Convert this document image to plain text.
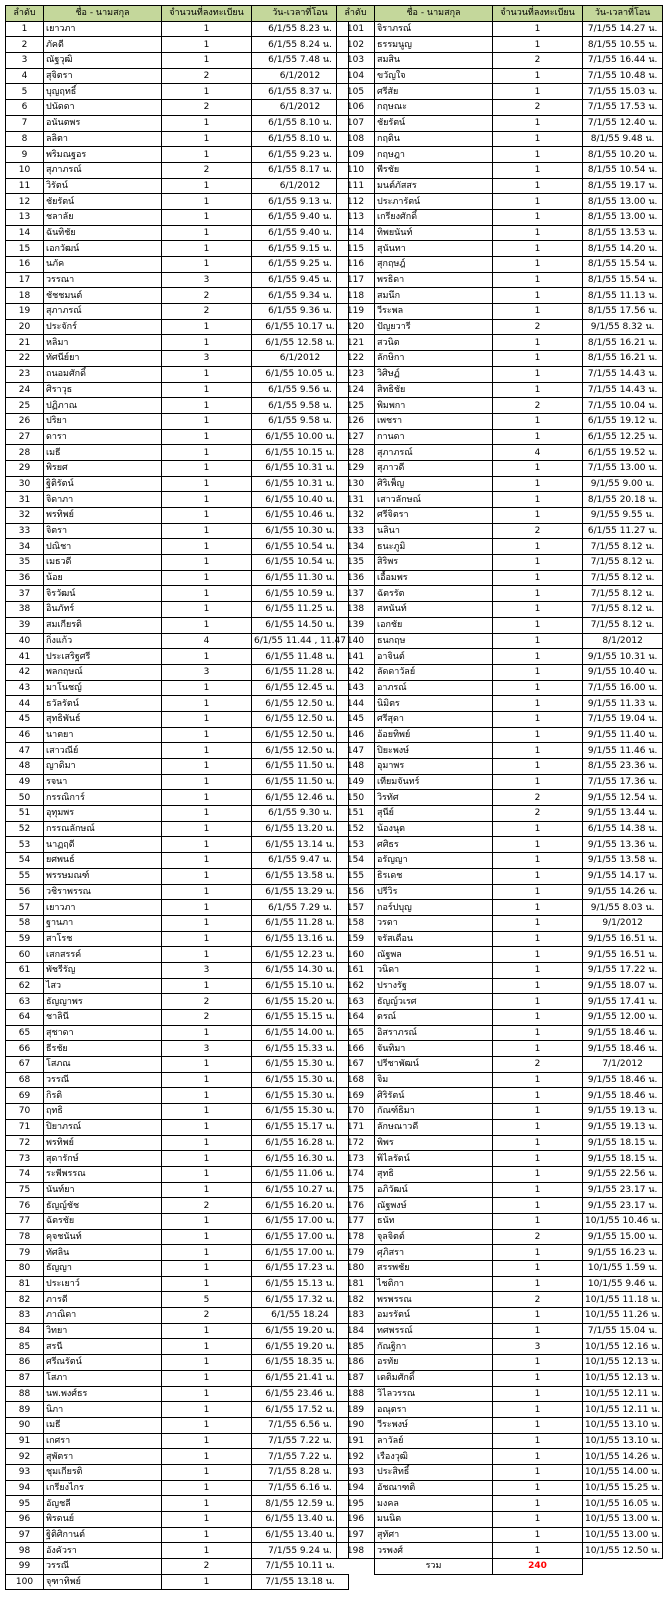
ลำดับ	ชื่อ - นามสกุล	จำนวนที่ลงทะเบียน	วัน-เวลาที่โอน
1	เยาวภา	1	6/1/55 8.23 น.
2	ภัคดี	1	6/1/55 8.24 น.
3	ณัฐวุฒิ	1	6/1/55 7.48 น.
4	สุจิตรา	2	6/1/2012
5	บุญฤทธิ์	1	6/1/55 8.37 น.
6	ปนัดดา	2	6/1/2012
7	อนันตพร	1	6/1/55 8.10 น.
8	ลลิตา	1	6/1/55 8.10 น.
9	พริมณฐอร	1	6/1/55 9.23 น.
10	สุภาภรณ์	2	6/1/55 8.17 น.
11	วิรัตน์	1	6/1/2012
12	ชัยรัตน์	1	6/1/55 9.13 น.
13	ชลาลัย	1	6/1/55 9.40 น.
14	ฉันทิชัย	1	6/1/55 9.40 น.
15	เอกวัฒน์	1	6/1/55 9.15 น.
16	นภัค	1	6/1/55 9.25 น.
17	วรรณา	3	6/1/55 9.45 น.
18	ชัชชมนต์	2	6/1/55 9.34 น.
19	สุภาภรณ์	2	6/1/55 9.36 น.
20	ประจักร์	1	6/1/55 10.17 น.
21	หลิมา	1	6/1/55 12.58 น.
22	ทัศนีย์ยา	3	6/1/2012
23	ถนอมศักดิ์	1	6/1/55 10.05 น.
24	ศิราวุธ	1	6/1/55 9.56 น.
25	ปฏิภาณ	1	6/1/55 9.58 น.
26	ปริยา	1	6/1/55 9.58 น.
27	ดารา	1	6/1/55 10.00 น.
28	เมธี	1	6/1/55 10.15 น.
29	พิรยศ	1	6/1/55 10.31 น.
30	ฐิติรัตน์	1	6/1/55 10.31 น.
31	จิดาภา	1	6/1/55 10.40 น.
32	พรทิพย์	1	6/1/55 10.46 น.
33	จิตรา	1	6/1/55 10.30 น.
34	ปณิชา	1	6/1/55 10.54 น.
35	เมธวดี	1	6/1/55 10.54 น.
36	น้อย	1	6/1/55 11.30 น.
37	จิรวัฒน์	1	6/1/55 10.59 น.
38	อินภัทร์	1	6/1/55 11.25 น.
39	สมเกียรติ	1	6/1/55 14.50 น.
40	กิ่งแก้ว	4	6/1/55 11.44 , 11.47
41	ประเสริฐศรี	1	6/1/55 11.48 น.
42	พลกฤษณ์	3	6/1/55 11.28 น.
43	มาโนชญ์	1	6/1/55 12.45 น.
44	ธวัลรัตน์	1	6/1/55 12.50 น.
45	สุทธิพันธ์	1	6/1/55 12.50 น.
46	นาตยา	1	6/1/55 12.50 น.
47	เสาวณีย์	1	6/1/55 12.50 น.
48	ญาดิมา	1	6/1/55 11.50 น.
49	รจนา	1	6/1/55 11.50 น.
50	กรรณิการ์	1	6/1/55 12.46 น.
51	อุทุมพร	1	6/1/55 9.30 น.
52	กรรณลักษณ์	1	6/1/55 13.20 น.
53	นาฏฤดี	1	6/1/55 13.14 น.
54	ยศพนธ์	1	6/1/55 9.47 น.
55	พรรษมณฑ์	1	6/1/55 13.58 น.
56	วชิราพรรณ	1	6/1/55 13.29 น.
57	เยาวภา	1	6/1/55 7.29 น.
58	ฐานภา	1	6/1/55 11.28 น.
59	สาโรช	1	6/1/55 13.16 น.
60	เสกสรรค์	1	6/1/55 12.23 น.
61	พัชรีรัญ	3	6/1/55 14.30 น.
62	ไสว	1	6/1/55 15.10 น.
63	ธัญญาพร	2	6/1/55 15.20 น.
64	ชาลินี	2	6/1/55 15.15 น.
65	สุชาดา	1	6/1/55 14.00 น.
66	ธีรชัย	3	6/1/55 15.33 น.
67	โสภณ	1	6/1/55 15.30 น.
68	วรรณี	1	6/1/55 15.30 น.
69	กิรติ	1	6/1/55 15.30 น.
70	ฤทธิ	1	6/1/55 15.30 น.
71	ปิยาภรณ์	1	6/1/55 15.17 น.
72	พรทิพย์	1	6/1/55 16.28 น.
73	สุดารักษ์	1	6/1/55 16.30 น.
74	ระพีพรรณ	1	6/1/55 11.06 น.
75	นันท์ยา	1	6/1/55 10.27 น.
76	ธัญญ์ชัช	2	6/1/55 16.20 น.
77	ฉัตรชัย	1	6/1/55 17.00 น.
78	คุจชนันท์	1	6/1/55 17.00 น.
79	ทัศลิน	1	6/1/55 17.00 น.
80	ธัญญา	1	6/1/55 17.23 น.
81	ประเยาว์	1	6/1/55 15.13 น.
82	ภารดี	5	6/1/55 17.32 น.
83	ภาณิดา	2	6/1/55 18.24
84	วิทยา	1	6/1/55 19.20 น.
85	สรนี	1	6/1/55 19.20 น.
86	ศรีณรัตน์	1	6/1/55 18.35 น.
87	โสภา	1	6/1/55 21.41 น.
88	นพ.พงศ์ธร	1	6/1/55 23.46 น.
89	นิภา	1	6/1/55 17.52 น.
90	เมธี	1	7/1/55 6.56 น.
91	เกศรา	1	7/1/55 7.22 น.
92	สุพัตรา	1	7/1/55 7.22 น.
93	ชุมเกียรติ	1	7/1/55 8.28 น.
94	เกรียงไกร	1	7/1/55 6.16 น.
95	อัญชลี	1	8/1/55 12.59 น.
96	พิรดนย์	1	6/1/55 13.40 น.
97	ฐิติศิกานต์	1	6/1/55 13.40 น.
98	อังคัวรา	1	7/1/55 9.24 น.
99	วรรณี	2	7/1/55 10.11 น.
100	จุฑาทิพย์	1	7/1/55 13.18 น.
ลำดับ	ชื่อ - นามสกุล	จำนวนที่ลงทะเบียน	วัน-เวลาที่โอน
101	จิราภรณ์	1	7/1/55 14.27 น.
102	ธรรมนูญ	1	8/1/55 10.55 น.
103	สมสิน	2	7/1/55 16.44 น.
104	ขวัญใจ	1	7/1/55 10.48 น.
105	ศรีสัย	1	7/1/55 15.03 น.
106	กฤษณะ	2	7/1/55 17.53 น.
107	ชัยรัตน์	1	7/1/55 12.40 น.
108	กฤติน	1	8/1/55 9.48 น.
109	กฤษฎา	1	8/1/55 10.20 น.
110	พีรชัย	1	8/1/55 10.54 น.
111	มนต์ภัสสร	1	8/1/55 19.17 น.
112	ประภารัตน์	1	8/1/55 13.00 น.
113	เกรียงศักดิ์	1	8/1/55 13.00 น.
114	ทิพยนันท์	1	8/1/55 13.53 น.
115	สุนันทา	1	8/1/55 14.20 น.
116	สุกฤษฎ์	1	8/1/55 15.54 น.
117	พรธิดา	1	8/1/55 15.54 น.
118	สมนึก	1	8/1/55 11.13 น.
119	วีระพล	1	8/1/55 17.56 น.
120	ปัญยวารี	2	9/1/55 8.32 น.
121	สวนิต	1	8/1/55 16.21 น.
122	ลักษิกา	1	8/1/55 16.21 น.
123	วิศิษฏ์	1	7/1/55 14.43 น.
124	สิทธิชัย	1	7/1/55 14.43 น.
125	พิมพกา	2	7/1/55 10.04 น.
126	เพชรา	1	6/1/55 19.12 น.
127	กานดา	1	6/1/55 12.25 น.
128	สุภาภรณ์	4	6/1/55 19.52 น.
129	สุภาวดี	1	7/1/55 13.00 น.
130	ศิริเพ็ญ	1	9/1/55 9.00 น.
131	เสาวลักษณ์	1	8/1/55 20.18 น.
132	ศรีจิตรา	1	9/1/55 9.55 น.
133	นลินา	2	6/1/55 11.27 น.
134	ธนะภูมิ	1	7/1/55 8.12 น.
135	สิริพร	1	7/1/55 8.12 น.
136	เอื้อมพร	1	7/1/55 8.12 น.
137	ฉัตรรัต	1	7/1/55 8.12 น.
138	สหนันท์	1	7/1/55 8.12 น.
139	เอกชัย	1	7/1/55 8.12 น.
140	ธนกฤษ	1	8/1/2012
141	อาจินต์	1	9/1/55 10.31 น.
142	ลัดดาวัลย์	1	9/1/55 10.40 น.
143	อาภรณ์	1	7/1/55 16.00 น.
144	นิมิตร	1	9/1/55 11.33 น.
145	ศรีสุดา	1	7/1/55 19.04 น.
146	อ้อยทิพย์	1	9/1/55 11.40 น.
147	ปิยะพงษ์	1	9/1/55 11.46 น.
148	อุมาพร	1	8/1/55 23.36 น.
149	เทียมจันทร์	1	7/1/55 17.36 น.
150	วิรทัศ	2	9/1/55 12.54 น.
151	สุนีย์	2	9/1/55 13.44 น.
152	น้องนุต	1	6/1/55 14.38 น.
153	ศศิธร	1	9/1/55 13.36 น.
154	อรัญญา	1	9/1/55 13.58 น.
155	ธิรเดช	1	9/1/55 14.17 น.
156	ปรีวิร	1	9/1/55 14.26 น.
157	กอร์ปบุญ	1	9/1/55 8.03 น.
158	วรดา	1	9/1/2012
159	จรัสเดือน	1	9/1/55 16.51 น.
160	ณัฐพล	1	9/1/55 16.51 น.
161	วนิดา	1	9/1/55 17.22 น.
162	ปรางรัฐ	1	9/1/55 18.07 น.
163	ธัญญ์วเรศ	1	9/1/55 17.41 น.
164	ดรณ์	1	9/1/55 12.00 น.
165	อิสราภรณ์	1	9/1/55 18.46 น.
166	จันทิมา	1	9/1/55 18.46 น.
167	ปรีชาพัฒน์	2	7/1/2012
168	จิม	1	9/1/55 18.46 น.
169	ศิริรัตน์	1	9/1/55 18.46 น.
170	กัณฑ์ธิมา	1	9/1/55 19.13 น.
171	ลักษณาวดี	1	9/1/55 19.13 น.
172	พิพร	1	9/1/55 18.15 น.
173	พิไลรัตน์	1	9/1/55 18.15 น.
174	สุทธิ	1	9/1/55 22.56 น.
175	อภิวัฒน์	1	9/1/55 23.17 น.
176	ณัฐพงษ์	1	9/1/55 23.17 น.
177	ธนัท	1	10/1/55 10.46 น.
178	จุลจิตต์	2	9/1/55 15.00 น.
179	ศุภิสรา	1	9/1/55 16.23 น.
180	สรรพชัย	1	10/1/55 1.59 น.
181	ไชติกา	1	10/1/55 9.46 น.
182	พรพรรณ	2	10/1/55 11.18 น.
183	อมรรัตน์	1	10/1/55 11.26 น.
184	ทศพรรณ์	1	7/1/55 15.04 น.
185	กัณฐิกา	3	10/1/55 12.16 น.
186	อรทัย	1	10/1/55 12.13 น.
187	เดติมศักดิ์	1	10/1/55 12.13 น.
188	วิไลวรรณ	1	10/1/55 12.11 น.
189	อณุตรา	1	10/1/55 12.11 น.
190	วีระพงษ์	1	10/1/55 13.10 น.
191	ลาวัลย์	1	10/1/55 13.10 น.
192	เรืองวุฒิ	1	10/1/55 14.26 น.
193	ประสิทธิ์	1	10/1/55 14.00 น.
194	อัชณาฑติ	1	10/1/55 15.25 น.
195	มงคล	1	10/1/55 16.05 น.
196	มนนิต	1	10/1/55 13.00 น.
197	สุทัศา	1	10/1/55 13.00 น.
198	วรพงศ์	1	10/1/55 12.50 น.
	รวม	240	
